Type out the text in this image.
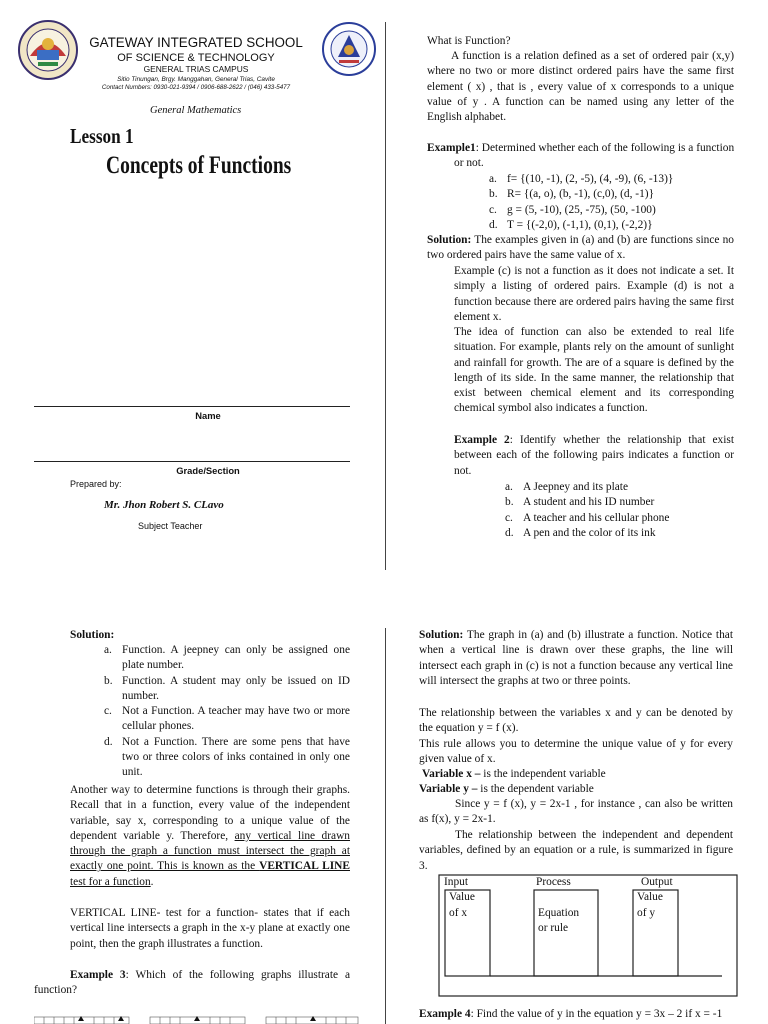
GATEWAY INTEGRATED SCHOOL
OF SCIENCE & TECHNOLOGY
GENERAL TRIAS CAMPUS
Sitio Tinungan, Brgy. Manggahan, General Trias, Cavite
Contact Numbers: 0930-021-9394 / 0906-688-2622 / (046) 433-5477
General Mathematics
Lesson 1
Concepts of Functions
Name
Grade/Section
Prepared by:
Mr. Jhon Robert S. CLavo
Subject Teacher
What is Function?
A function is a relation defined as a set of ordered pair (x,y) where no two or more distinct ordered pairs have the same first element ( x) , that is , every value of x corresponds to a unique value of y . A function can be named using any letter of the English alphabet.
Example1: Determined whether each of the following is a function
or not.
a. f= {(10, -1), (2, -5), (4, -9), (6, -13)}
b. R= {(a, o), (b, -1), (c,0), (d, -1)}
c. g = (5, -10), (25, -75), (50, -100)
d. T = {(-2,0), (-1,1), (0,1), (-2,2)}
Solution: The examples given in (a) and (b) are functions since no two ordered pairs have the same value of x.
Example (c) is not a function as it does not indicate a set. It simply a listing of ordered pairs. Example (d) is not a function because there are ordered pairs having the same first element x.
The idea of function can also be extended to real life situation. For example, plants rely on the amount of sunlight and rainfall for growth. The are of a square is defined by the length of its side. In the same manner, the relationship that exist between chemical element and its corresponding chemical symbol also indicates a function.
Example 2: Identify whether the relationship that exist between each of the following pairs indicates a function or not.
a. A Jeepney and its plate
b. A student and his ID number
c. A teacher and his cellular phone
d. A pen and the color of its ink
Solution:
a. Function. A jeepney can only be assigned one plate number.
b. Function. A student may only be issued on ID number.
c. Not a Function. A teacher may have two or more cellular phones.
d. Not a Function. There are some pens that have two or three colors of inks contained in only one unit.
Another way to determine functions is through their graphs. Recall that in a function, every value of the independent variable, say x, corresponding to a unique value of the dependent variable y. Therefore, any vertical line drawn through the graph a function must intersect the graph at exactly one point. This is known as the VERTICAL LINE test for a function.
VERTICAL LINE- test for a function- states that if each vertical line intersects a graph in the x-y plane at exactly one point, then the graph illustrates a function.
Example 3: Which of the following graphs illustrate a function?
Solution: The graph in (a) and (b) illustrate a function. Notice that when a vertical line is drawn over these graphs, the line will intersect each graph in (c) is not a function because any vertical line will intersect the graphs at two or three points.
The relationship between the variables x and y can be denoted by the equation y = f (x).
This rule allows you to determine the unique value of y for every given value of x.
Variable x – is the independent variable
Variable y – is the dependent variable
Since y = f (x), y = 2x-1 , for instance , can also be written as f(x), y = 2x-1.
The relationship between the independent and dependent variables, defined by an equation or a rule, is summarized in figure 3.
Input	Process	Output
Value
of x	Equation
or rule
Value
of y
Example 4: Find the value of y in the equation y = 3x – 2 if x = -1
